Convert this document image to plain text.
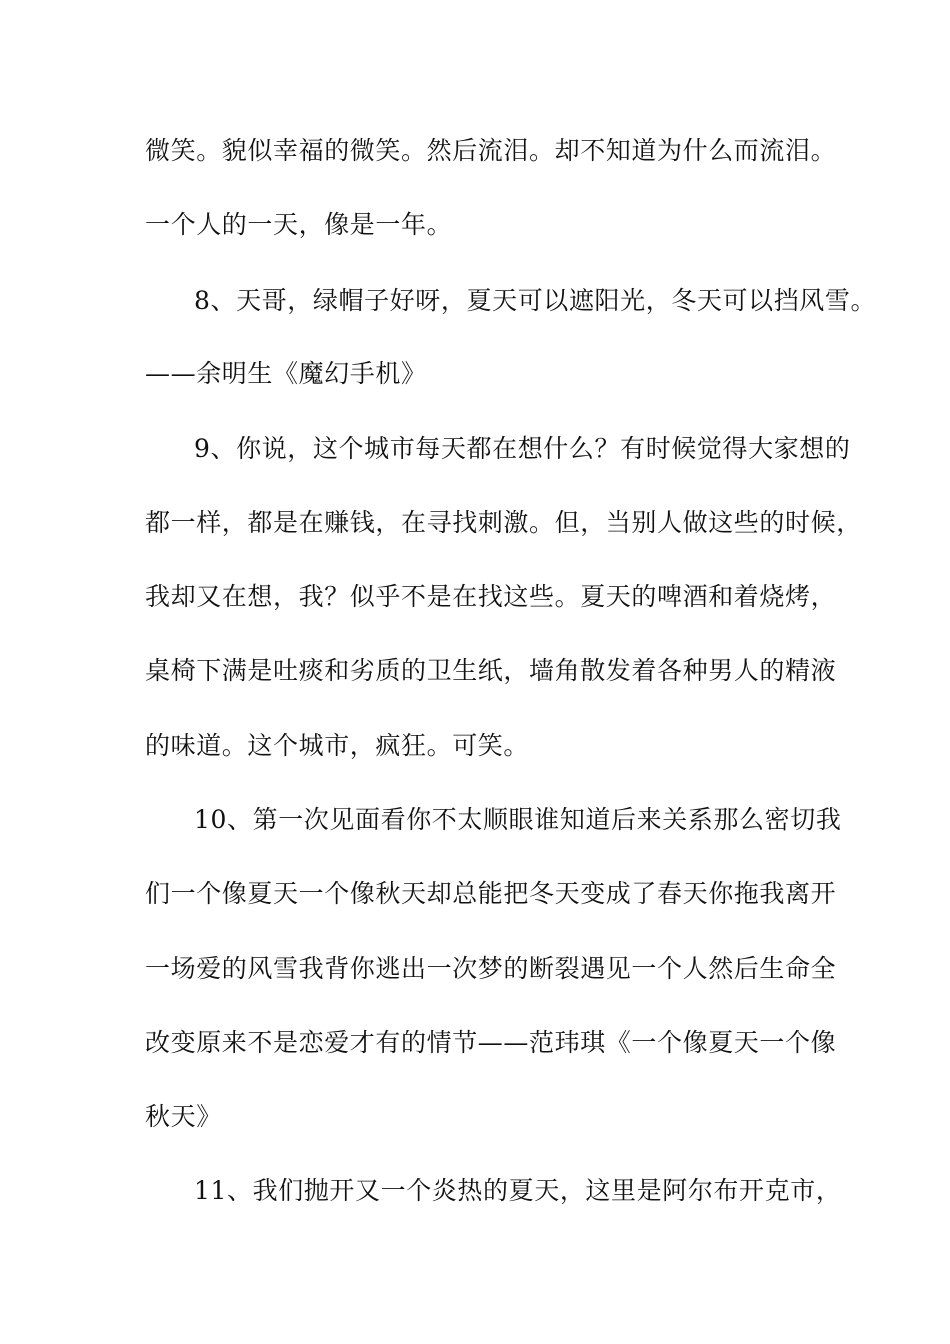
微笑。貌似幸福的微笑。然后流泪。却不知道为什么而流泪。
一个人的一天，像是一年。
8、天哥，绿帽子好呀，夏天可以遮阳光，冬天可以挡风雪。
——余明生《魔幻手机》
9、你说，这个城市每天都在想什么？有时候觉得大家想的
都一样，都是在赚钱，在寻找刺激。但，当别人做这些的时候，
我却又在想，我？似乎不是在找这些。夏天的啤酒和着烧烤，
桌椅下满是吐痰和劣质的卫生纸，墙角散发着各种男人的精液
的味道。这个城市，疯狂。可笑。
10、第一次见面看你不太顺眼谁知道后来关系那么密切我
们一个像夏天一个像秋天却总能把冬天变成了春天你拖我离开
一场爱的风雪我背你逃出一次梦的断裂遇见一个人然后生命全
改变原来不是恋爱才有的情节——范玮琪《一个像夏天一个像
秋天》
11、我们抛开又一个炎热的夏天，这里是阿尔布开克市，
